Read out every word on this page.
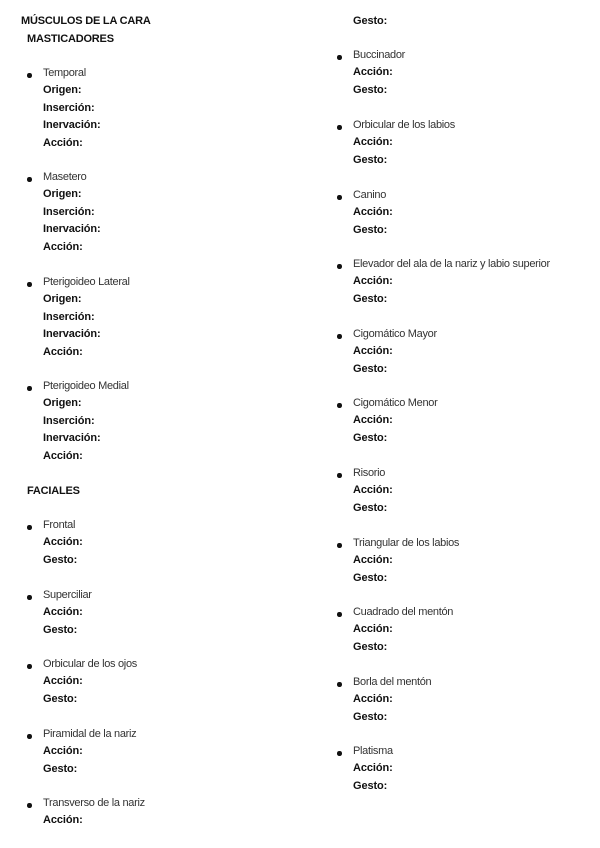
MÚSCULOS DE LA CARA
MASTICADORES
Temporal
Origen:
Inserción:
Inervación:
Acción:
Masetero
Origen:
Inserción:
Inervación:
Acción:
Pterigoideo Lateral
Origen:
Inserción:
Inervación:
Acción:
Pterigoideo Medial
Origen:
Inserción:
Inervación:
Acción:
FACIALES
Frontal
Acción:
Gesto:
Superciliar
Acción:
Gesto:
Orbicular de los ojos
Acción:
Gesto:
Piramidal de la nariz
Acción:
Gesto:
Transverso de la nariz
Acción:
Gesto:
Buccinador
Acción:
Gesto:
Orbicular de los labios
Acción:
Gesto:
Canino
Acción:
Gesto:
Elevador del ala de la nariz y labio superior
Acción:
Gesto:
Cigomático Mayor
Acción:
Gesto:
Cigomático Menor
Acción:
Gesto:
Risorio
Acción:
Gesto:
Triangular de los labios
Acción:
Gesto:
Cuadrado del mentón
Acción:
Gesto:
Borla del mentón
Acción:
Gesto:
Platisma
Acción:
Gesto:
